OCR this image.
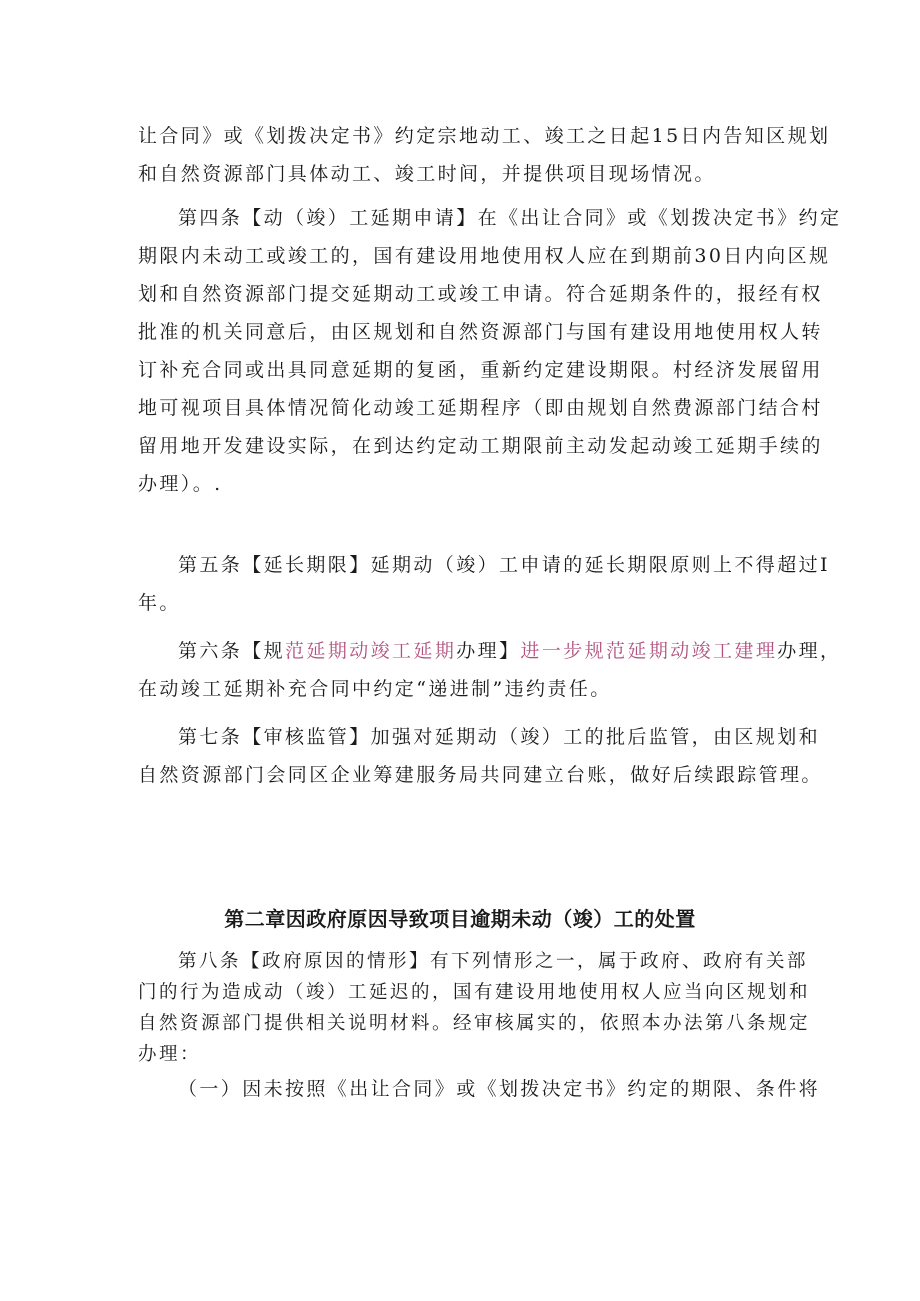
让合同》或《划拨决定书》约定宗地动工、竣工之日起15日内告知区规划
和自然资源部门具体动工、竣工时间，并提供项目现场情况。
第四条【动（竣）工延期申请】在《出让合同》或《划拨决定书》约定
期限内未动工或竣工的，国有建设用地使用权人应在到期前30日内向区规
划和自然资源部门提交延期动工或竣工申请。符合延期条件的，报经有权
批准的机关同意后，由区规划和自然资源部门与国有建设用地使用权人转
订补充合同或出具同意延期的复函，重新约定建设期限。村经济发展留用
地可视项目具体情况简化动竣工延期程序（即由规划自然费源部门结合村
留用地开发建设实际，在到达约定动工期限前主动发起动竣工延期手续的
办理）。.
第五条【延长期限】延期动（竣）工申请的延长期限原则上不得超过I
年。
第六条【规范延期动竣工延期办理】进一步规范延期动竣工建理办理，
在动竣工延期补充合同中约定“递进制”违约责任。
第七条【审核监管】加强对延期动（竣）工的批后监管，由区规划和
自然资源部门会同区企业筹建服务局共同建立台账，做好后续跟踪管理。
第二章因政府原因导致项目逾期未动（竣）工的处置
第八条【政府原因的情形】有下列情形之一，属于政府、政府有关部
门的行为造成动（竣）工延迟的，国有建设用地使用权人应当向区规划和
自然资源部门提供相关说明材料。经审核属实的，依照本办法第八条规定
办理：
（一）因未按照《出让合同》或《划拨决定书》约定的期限、条件将
